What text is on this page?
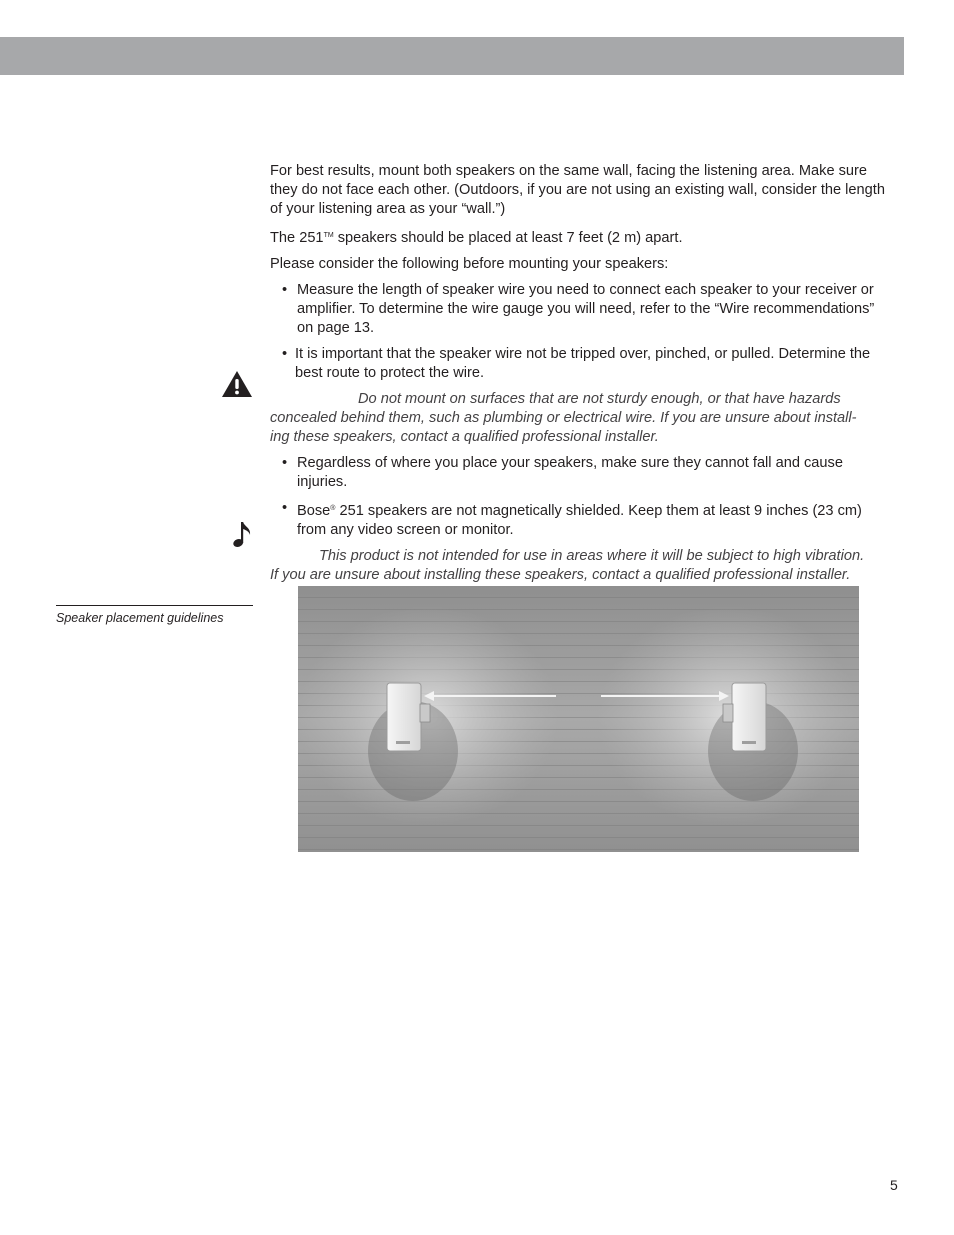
For best results, mount both speakers on the same wall, facing the listening area. Make sure they do not face each other. (Outdoors, if you are not using an existing wall, consider the length of your listening area as your “wall.”)

The 251™ speakers should be placed at least 7 feet (2 m) apart.

Please consider the following before mounting your speakers:

• Measure the length of speaker wire you need to connect each speaker to your receiver or amplifier. To determine the wire gauge you will need, refer to the “Wire recommendations” on page 13.
• It is important that the speaker wire not be tripped over, pinched, or pulled. Determine the best route to protect the wire.
Do not mount on surfaces that are not sturdy enough, or that have hazards
concealed behind them, such as plumbing or electrical wire. If you are unsure about install-
ing these speakers, contact a qualified professional installer.
• Regardless of where you place your speakers, make sure they cannot fall and cause injuries.
• Bose® 251 speakers are not magnetically shielded. Keep them at least 9 inches (23 cm) from any video screen or monitor.
This product is not intended for use in areas where it will be subject to high vibration.
If you are unsure about installing these speakers, contact a qualified professional installer.
Speaker placement guidelines
5
